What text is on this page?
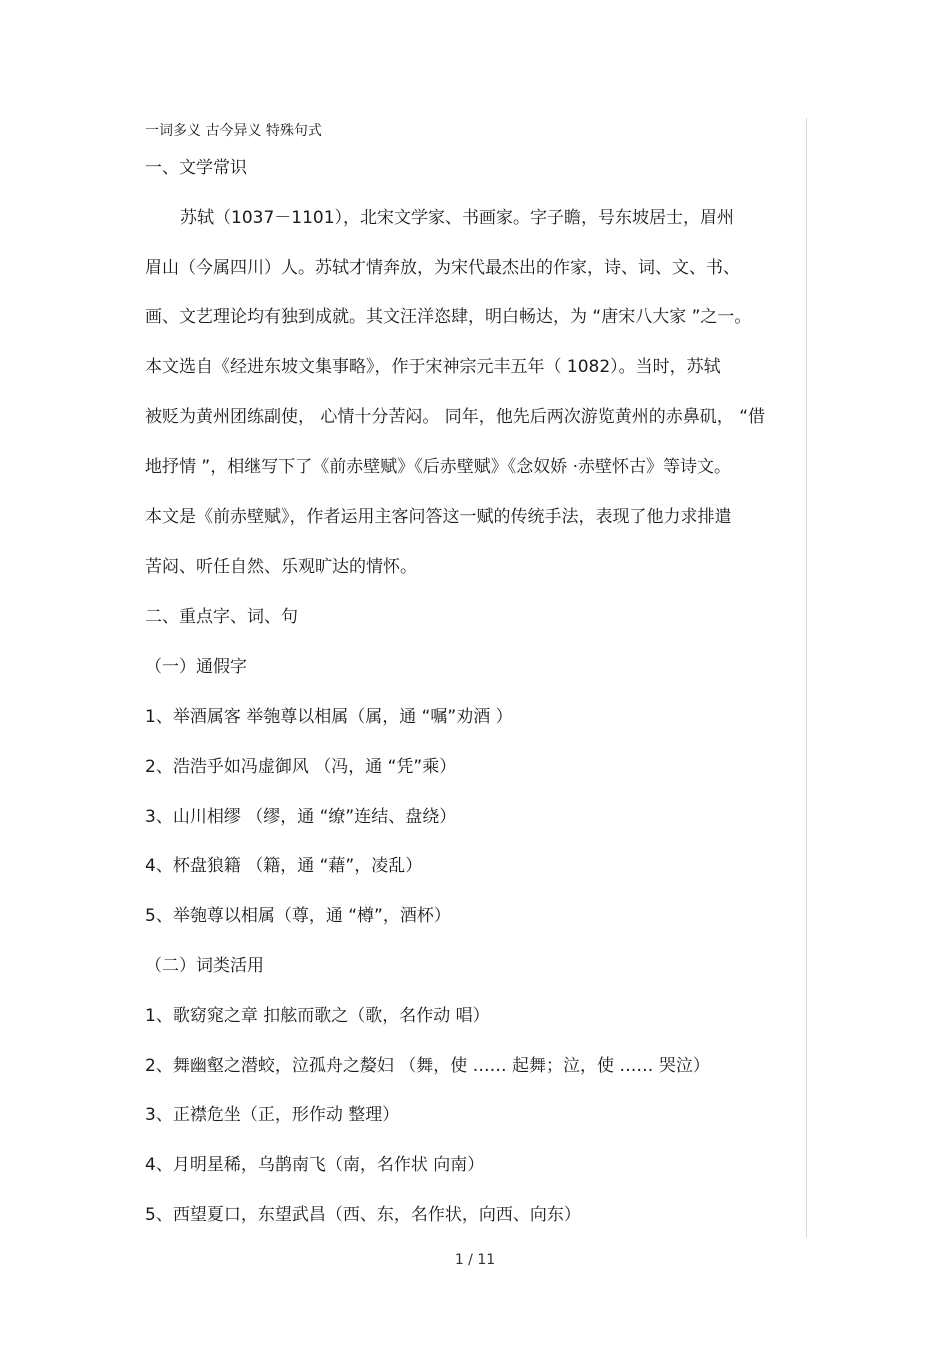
一词多义 古今异义 特殊句式
一、文学常识
苏轼（1037－1101），北宋文学家、书画家。字子瞻，号东坡居士，眉州
眉山（今属四川）人。苏轼才情奔放，为宋代最杰出的作家，诗、词、文、书、
画、文艺理论均有独到成就。其文汪洋恣肆，明白畅达，为 “唐宋八大家 ”之一。
本文选自《经进东坡文集事略》，作于宋神宗元丰五年（ 1082）。当时，苏轼
被贬为黄州团练副使， 心情十分苦闷。 同年，他先后两次游览黄州的赤鼻矶， “借
地抒情 ”，相继写下了《前赤壁赋》《后赤壁赋》《念奴娇 ·赤壁怀古》等诗文。
本文是《前赤壁赋》，作者运用主客问答这一赋的传统手法，表现了他力求排遣
苦闷、听任自然、乐观旷达的情怀。
二、重点字、词、句
（一）通假字
1、举酒属客 举匏尊以相属（属，通 “嘱”劝酒 ）
2、浩浩乎如冯虚御风 （冯，通 “凭”乘）
3、山川相缪 （缪，通 “缭”连结、盘绕）
4、杯盘狼籍 （籍，通 “藉”，凌乱）
5、举匏尊以相属（尊，通 “樽”，酒杯）
（二）词类活用
1、歌窈窕之章 扣舷而歌之（歌，名作动 唱）
2、舞幽壑之潜蛟，泣孤舟之嫠妇 （舞，使 …… 起舞；泣，使 …… 哭泣）
3、正襟危坐（正，形作动 整理）
4、月明星稀，乌鹊南飞（南，名作状 向南）
5、西望夏口，东望武昌（西、东，名作状，向西、向东）
1 / 11
